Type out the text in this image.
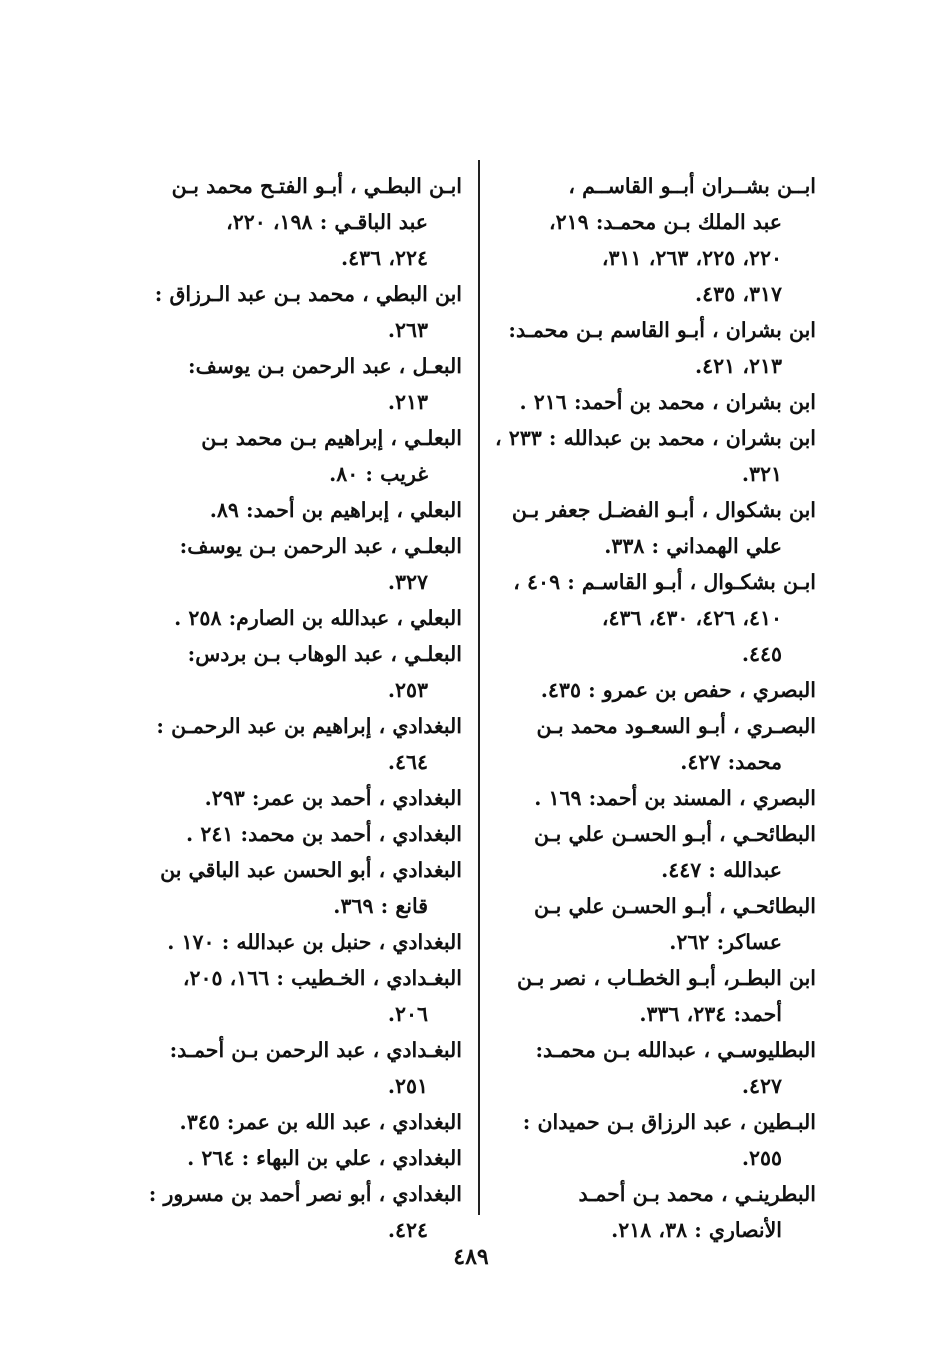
ابــن بشــران أبــو القاســم ،
عبد الملك بـن محمـد: ٢١٩،
٢٢٠، ٢٢٥، ٢٦٣، ٣١١،
٣١٧، ٤٣٥.
ابن بشران ، أبـو القاسم بـن محمـد:
٢١٣، ٤٢١.
ابن بشران ، محمد بن أحمد: ٢١٦ .
ابن بشران ، محمد بن عبدالله : ٢٣٣ ،
٣٢١.
ابن بشكوال ، أبـو الفضـل جعفر بـن
علي الهمداني : ٣٣٨.
ابـن بشكـوال ، أبـو القاسـم : ٤٠٩ ،
٤١٠، ٤٢٦، ٤٣٠، ٤٣٦،
٤٤٥.
البصري ، حفص بن عمرو : ٤٣٥.
البصـري ، أبـو السعـود محمد بـن
محمد: ٤٢٧.
البصري ، المسند بن أحمد: ١٦٩ .
البطائحـي ، أبـو الحسـن علي بـن
عبدالله : ٤٤٧.
البطائحـي ، أبـو الحسـن علي بـن
عساكر: ٢٦٢.
ابن البطـر، أبـو الخطـاب ، نصر بـن
أحمد: ٢٣٤، ٣٣٦.
البطليوسـي ، عبدالله بـن محمـد:
٤٢٧.
البـطين ، عبد الرزاق بـن حميدان :
٢٥٥.
البطرينـي ، محمد بـن أحمـد
الأنصاري : ٣٨، ٢١٨.
ابـن البطـي ، أبـو الفتـح محمد بـن
عبد الباقـي : ١٩٨، ٢٢٠،
٢٢٤، ٤٣٦.
ابن البطي ، محمد بـن عبد الـرزاق :
٢٦٣.
البعـل ، عبد الرحمن بـن يوسف:
٢١٣.
البعلـي ، إبراهيم بـن محمد بـن
غريب : ٨٠.
البعلي ، إبراهيم بن أحمد: ٨٩.
البعلـي ، عبد الرحمن بـن يوسف:
٣٢٧.
البعلي ، عبدالله بن الصارم: ٢٥٨ .
البعلـي ، عبد الوهاب بـن بردس:
٢٥٣.
البغدادي ، إبراهيم بن عبد الرحمـن :
٤٦٤.
البغدادي ، أحمد بن عمر: ٢٩٣.
البغدادي ، أحمد بن محمد: ٢٤١ .
البغدادي ، أبو الحسن عبد الباقي بن
قانع : ٣٦٩.
البغدادي ، حنبل بن عبدالله : ١٧٠ .
البغـدادي ، الخـطيب : ١٦٦، ٢٠٥،
٢٠٦.
البغـدادي ، عبد الرحمن بـن أحمـد:
٢٥١.
البغدادي ، عبد الله بن عمر: ٣٤٥.
البغدادي ، علي بن البهاء : ٢٦٤ .
البغدادي ، أبو نصر أحمد بن مسرور :
٤٢٤.
٤٨٩
